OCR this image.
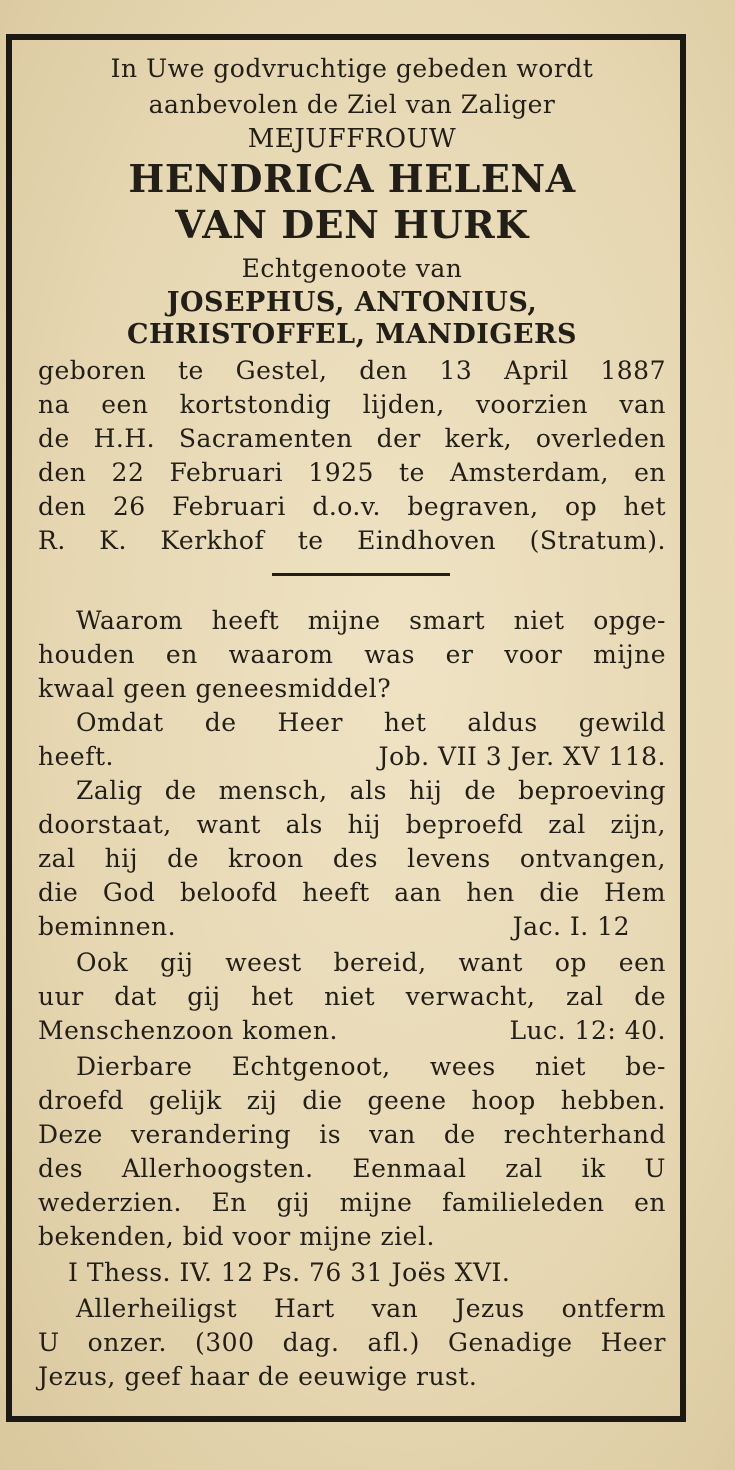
In Uwe godvruchtige gebeden wordt
aanbevolen de Ziel van Zaliger
MEJUFFROUW
HENDRICA HELENA
VAN DEN HURK
Echtgenoote van
JOSEPHUS, ANTONIUS,
CHRISTOFFEL, MANDIGERS
geboren te Gestel, den 13 April 1887
na een kortstondig lijden, voorzien van
de H.H. Sacramenten der kerk, overleden
den 22 Februari 1925 te Amsterdam, en
den 26 Februari d.o.v. begraven, op het
R. K. Kerkhof te Eindhoven (Stratum).
Waarom heeft mijne smart niet opge-
houden en waarom was er voor mijne
kwaal geen geneesmiddel?
Omdat de Heer het aldus gewild
heeft.	Job. VII 3 Jer. XV 118.
Zalig de mensch, als hij de beproeving
doorstaat, want als hij beproefd zal zijn,
zal hij de kroon des levens ontvangen,
die God beloofd heeft aan hen die Hem
beminnen.	Jac. I. 12
Ook gij weest bereid, want op een
uur dat gij het niet verwacht, zal de
Menschenzoon komen.	Luc. 12: 40.
Dierbare Echtgenoot, wees niet be-
droefd gelijk zij die geene hoop hebben.
Deze verandering is van de rechterhand
des Allerhoogsten. Eenmaal zal ik U
wederzien. En gij mijne familieleden en
bekenden, bid voor mijne ziel.
I Thess. IV. 12 Ps. 76 31 Joës XVI.
Allerheiligst Hart van Jezus ontferm
U onzer. (300 dag. afl.) Genadige Heer
Jezus, geef haar de eeuwige rust.
